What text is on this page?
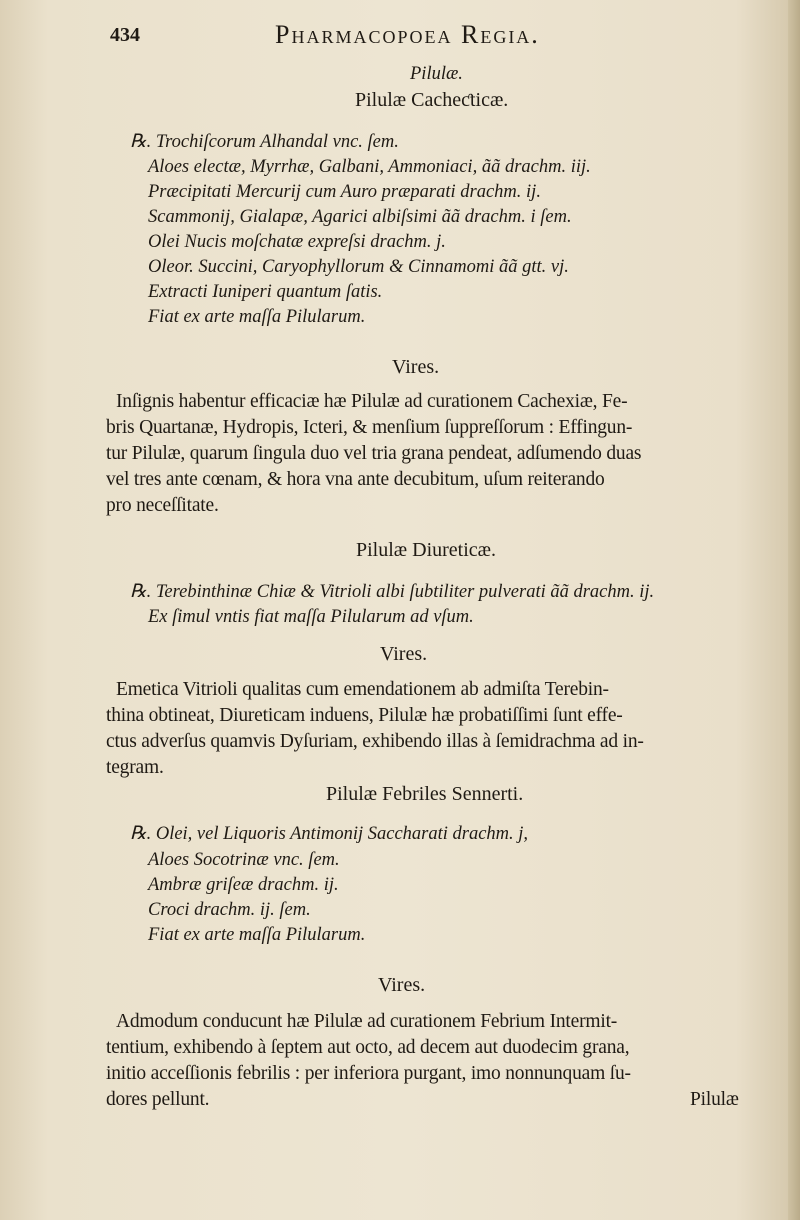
434	Pharmacopoea Regia.
Pilulæ.
Pilulæ Cacheƈticæ.
℞. Trochiſcorum Alhandal vnc. ſem.
Aloes electæ, Myrrhæ, Galbani, Ammoniaci, ãã drachm. iij.
Præcipitati Mercurij cum Auro præparati drachm. ij.
Scammonij, Gialapæ, Agarici albiſsimi ãã drachm. i ſem.
Olei Nucis moſchatæ expreſsi drachm. j.
Oleor. Succini, Caryophyllorum & Cinnamomi ãã gtt. vj.
Extracti Iuniperi quantum ſatis.
Fiat ex arte maſſa Pilularum.
Vires.
Inſignis habentur efficaciæ hæ Pilulæ ad curationem Cachexiæ, Fe-
bris Quartanæ, Hydropis, Icteri, & menſium ſuppreſſorum : Effingun-
tur Pilulæ, quarum ſingula duo vel tria grana pendeat, adſumendo duas
vel tres ante cœnam, & hora vna ante decubitum, uſum reiterando
pro neceſſitate.
Pilulæ Diureticæ.
℞. Terebinthinæ Chiæ & Vitrioli albi ſubtiliter pulverati ãã drachm. ij.
Ex ſimul vntis fiat maſſa Pilularum ad vſum.
Vires.
Emetica Vitrioli qualitas cum emendationem ab admiſta Terebin-
thina obtineat, Diureticam induens, Pilulæ hæ probatiſſimi ſunt effe-
ctus adverſus quamvis Dyſuriam, exhibendo illas à ſemidrachma ad in-
tegram.
Pilulæ Febriles Sennerti.
℞. Olei, vel Liquoris Antimonij Saccharati drachm. j,
Aloes Socotrinæ vnc. ſem.
Ambræ griſeæ drachm. ij.
Croci drachm. ij. ſem.
Fiat ex arte maſſa Pilularum.
Vires.
Admodum conducunt hæ Pilulæ ad curationem Febrium Intermit-
tentium, exhibendo à ſeptem aut octo, ad decem aut duodecim grana,
initio acceſſionis febrilis : per inferiora purgant, imo nonnunquam ſu-
dores pellunt.	Pilulæ
